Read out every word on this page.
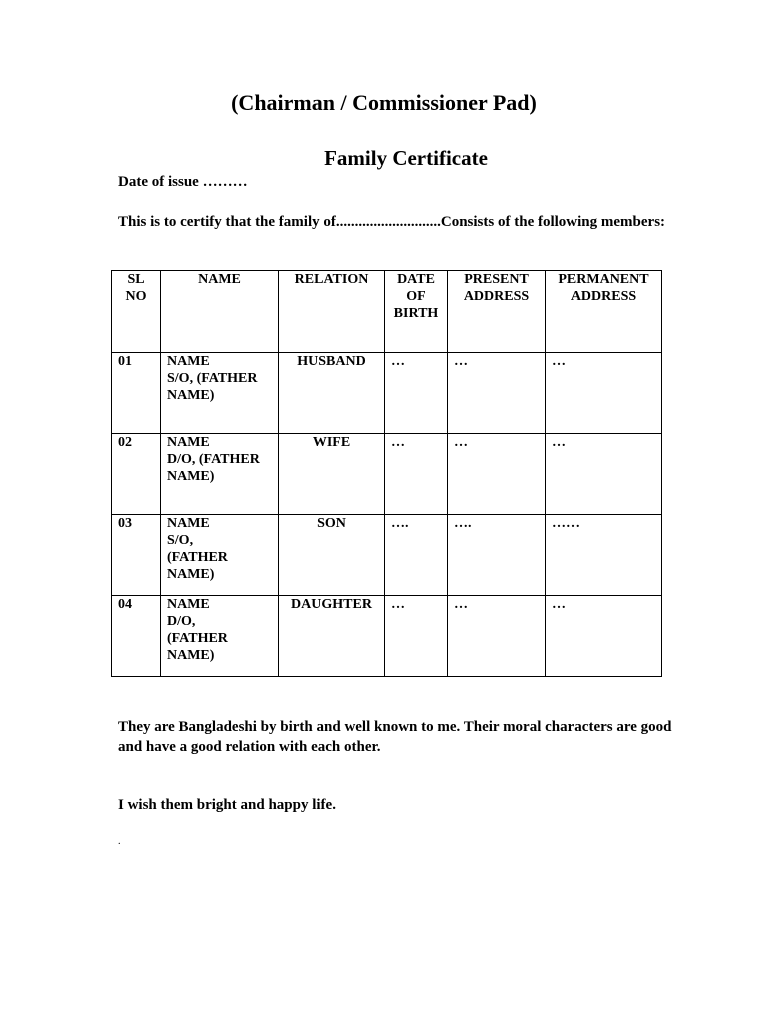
(Chairman / Commissioner Pad)
Family Certificate
Date of issue ………
This is to certify that the family of............................Consists of the following members:
SL NO	NAME	RELATION	DATE OF BIRTH	PRESENT ADDRESS	PERMANENT ADDRESS
01	NAME
S/O, (FATHER
NAME)	HUSBAND	…	…	…
02	NAME
D/O, (FATHER
NAME)	WIFE	…	…	…
03	NAME
S/O,
(FATHER
NAME)	SON	….	….	……
04	NAME
D/O,
(FATHER
NAME)	DAUGHTER	…	…	…
They are Bangladeshi by birth and well known to me. Their moral characters are good and have a good relation with each other.
I wish them bright and happy life.
.
